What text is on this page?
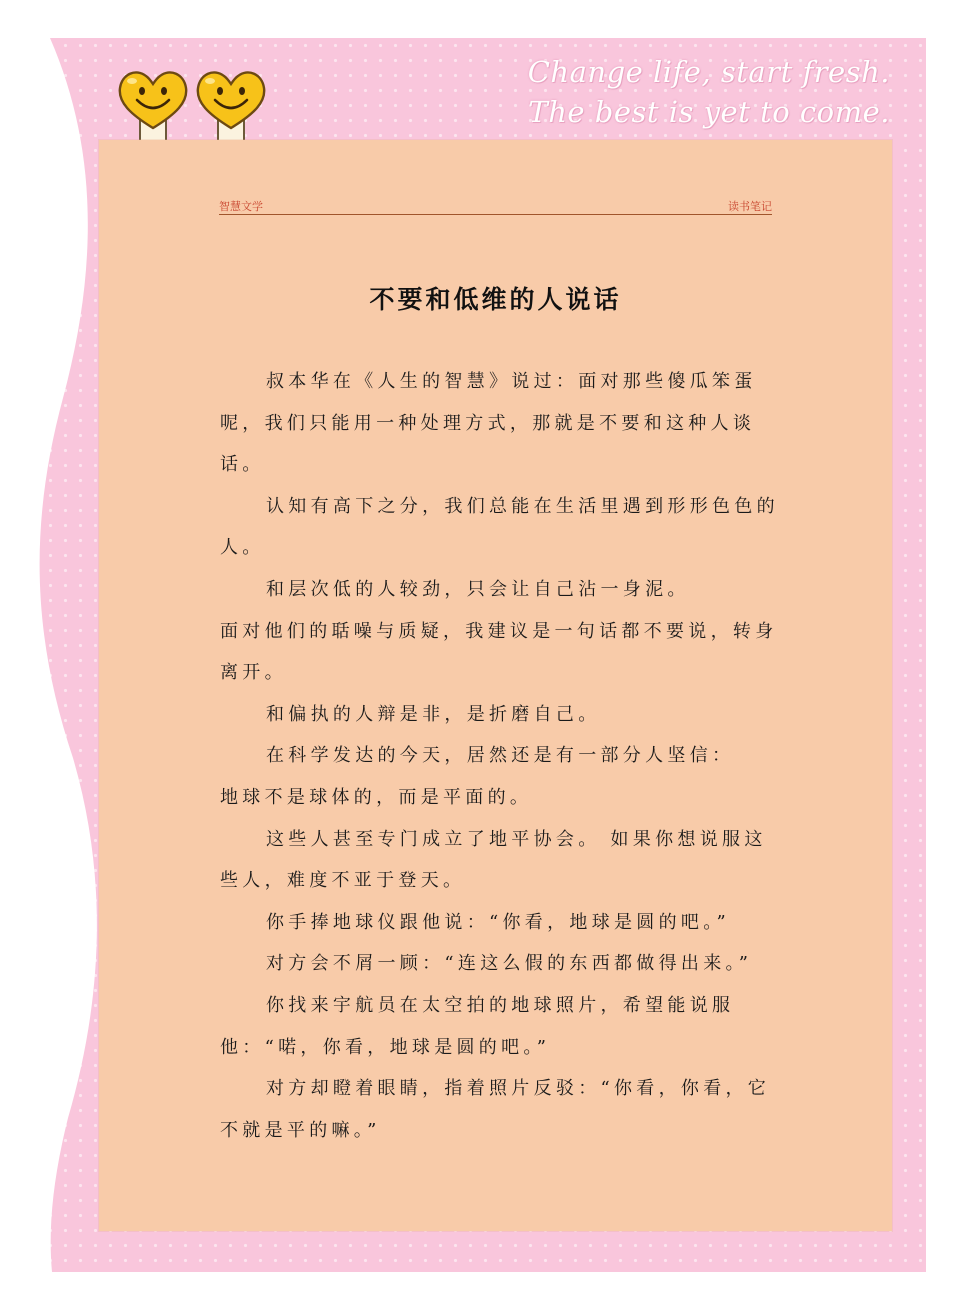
Change life, start fresh.
The best is yet to come.
智慧文学	读书笔记
不要和低维的人说话

叔本华在《人生的智慧》说过：面对那些傻瓜笨蛋呢，我们只能用一种处理方式，那就是不要和这种人谈话。

认知有高下之分，我们总能在生活里遇到形形色色的人。

和层次低的人较劲，只会让自己沾一身泥。

面对他们的聒噪与质疑，我建议是一句话都不要说，转身离开。

和偏执的人辩是非，是折磨自己。

在科学发达的今天，居然还是有一部分人坚信：

地球不是球体的，而是平面的。

这些人甚至专门成立了地平协会。 如果你想说服这些人，难度不亚于登天。

你手捧地球仪跟他说：“你看，地球是圆的吧。”

对方会不屑一顾：“连这么假的东西都做得出来。”

你找来宇航员在太空拍的地球照片，希望能说服他：“喏，你看，地球是圆的吧。”

对方却瞪着眼睛，指着照片反驳：“你看，你看，它不就是平的嘛。”
